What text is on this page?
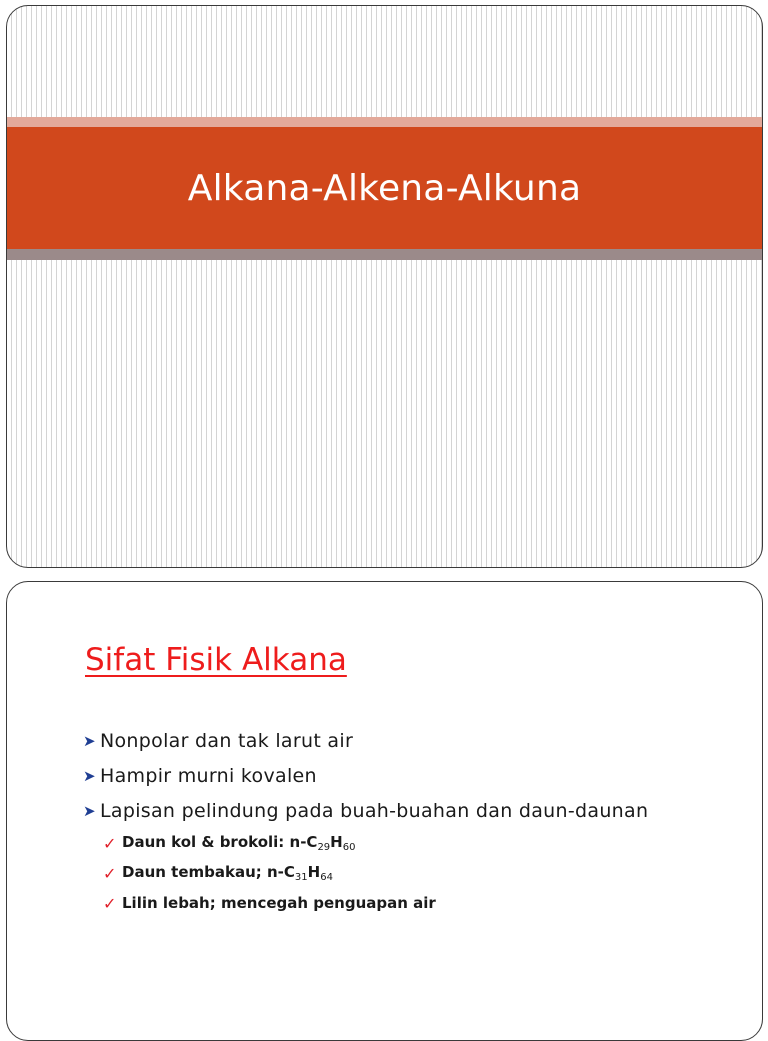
Alkana-Alkena-Alkuna
Sifat Fisik Alkana
➤ Nonpolar dan tak larut air
➤ Hampir murni kovalen
➤ Lapisan pelindung pada buah-buahan dan daun-daunan
✓ Daun kol & brokoli: $n-C_{29}H_{60}$
✓ Daun tembakau; $n-C_{31}H_{64}$
✓ Lilin lebah; mencegah penguapan air
